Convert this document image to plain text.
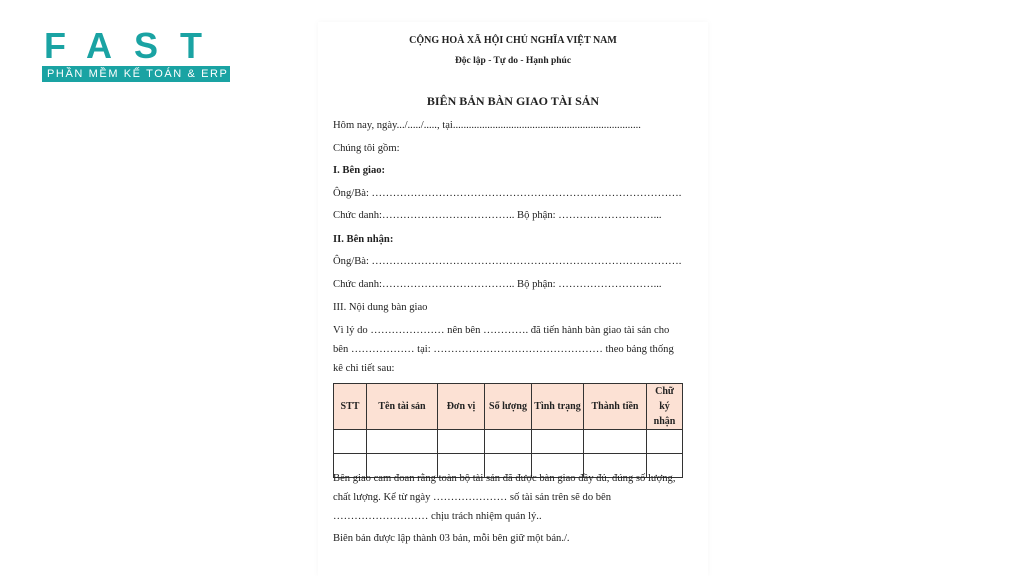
FAST
PHẦN MỀM KẾ TOÁN & ERP
CỘNG HOÀ XÃ HỘI CHỦ NGHĨA VIỆT NAM
Độc lập - Tự do - Hạnh phúc
BIÊN BẢN BÀN GIAO TÀI SẢN
Hôm nay, ngày.../...../....., tại.......................................................................
Chúng tôi gồm:
I. Bên giao:
Ông/Bà: …………………………………………………………………………….
Chức danh:……………………………….. Bộ phận: ………………………...
II. Bên nhận:
Ông/Bà: …………………………………………………………………………….
Chức danh:……………………………….. Bộ phận: ………………………...
III. Nội dung bàn giao
Vì lý do ………………… nên bên …………. đã tiến hành bàn giao tài sản cho
bên ……………… tại: ………………………………………… theo bảng thống
kê chi tiết sau:
STT	Tên tài sản	Đơn vị	Số lượng	Tình trạng	Thành tiền	Chữ ký nhận

Bên giao cam đoan rằng toàn bộ tài sản đã được bàn giao đầy đủ, đúng số lượng,
chất lượng. Kể từ ngày ………………… số tài sản trên sẽ do bên
……………………… chịu trách nhiệm quản lý..
Biên bản được lập thành 03 bản, mỗi bên giữ một bản./.
